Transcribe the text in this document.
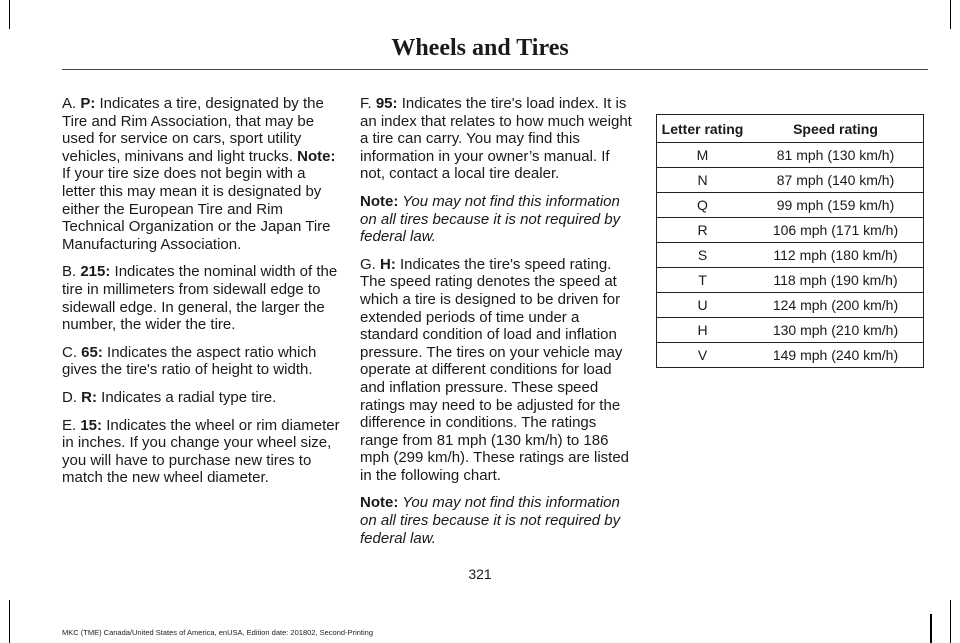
Wheels and Tires

A. P: Indicates a tire, designated by the Tire and Rim Association, that may be used for service on cars, sport utility vehicles, minivans and light trucks. Note: If your tire size does not begin with a letter this may mean it is designated by either the European Tire and Rim Technical Organization or the Japan Tire Manufacturing Association.

B. 215: Indicates the nominal width of the tire in millimeters from sidewall edge to sidewall edge. In general, the larger the number, the wider the tire.

C. 65: Indicates the aspect ratio which gives the tire's ratio of height to width.

D. R: Indicates a radial type tire.

E. 15: Indicates the wheel or rim diameter in inches. If you change your wheel size, you will have to purchase new tires to match the new wheel diameter.

F. 95: Indicates the tire's load index. It is an index that relates to how much weight a tire can carry. You may find this information in your owner’s manual. If not, contact a local tire dealer.

Note: You may not find this information on all tires because it is not required by federal law.

G. H: Indicates the tire's speed rating. The speed rating denotes the speed at which a tire is designed to be driven for extended periods of time under a standard condition of load and inflation pressure. The tires on your vehicle may operate at different conditions for load and inflation pressure. These speed ratings may need to be adjusted for the difference in conditions. The ratings range from 81 mph (130 km/h) to 186 mph (299 km/h). These ratings are listed in the following chart.

Note: You may not find this information on all tires because it is not required by federal law.

Letter rating	Speed rating
M	81 mph (130 km/h)
N	87 mph (140 km/h)
Q	99 mph (159 km/h)
R	106 mph (171 km/h)
S	112 mph (180 km/h)
T	118 mph (190 km/h)
U	124 mph (200 km/h)
H	130 mph (210 km/h)
V	149 mph (240 km/h)
321
MKC (TME) Canada/United States of America, enUSA, Edition date: 201802, Second-Printing
